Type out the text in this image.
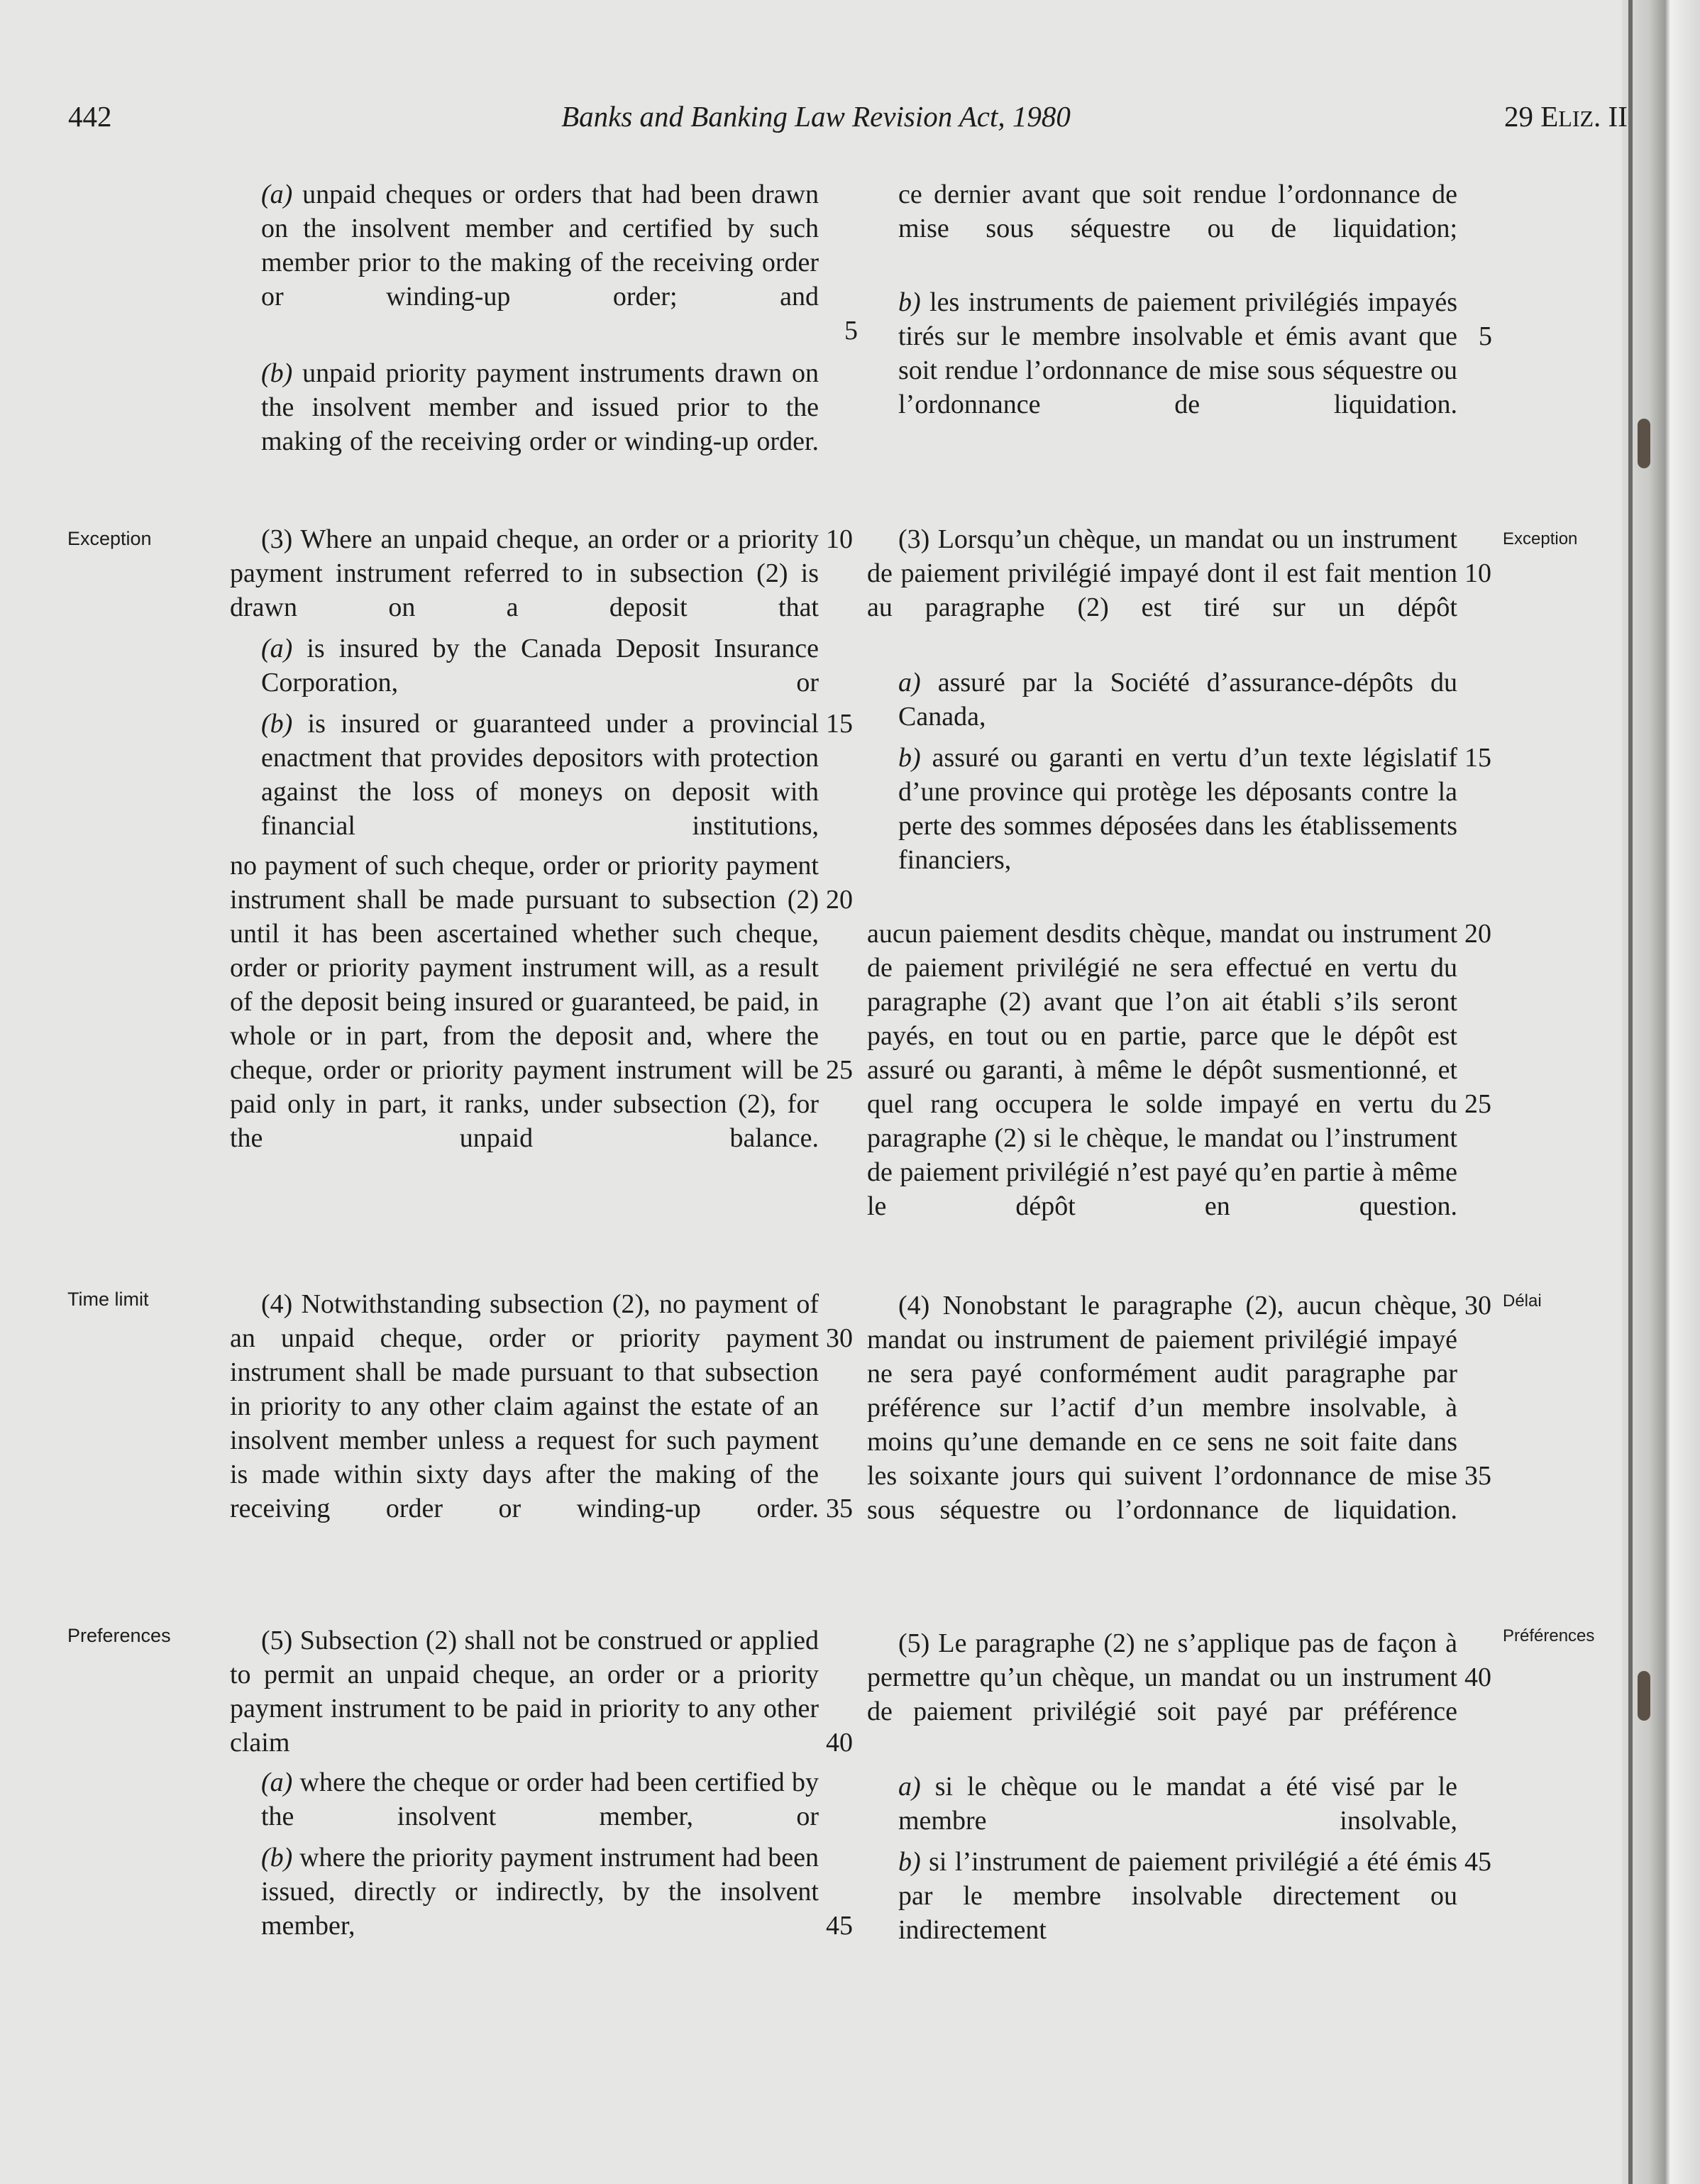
442	Banks and Banking Law Revision Act, 1980	29 ELIZ. II
Exception	Exception
Time limit	Délai
Preferences	Préférences
(a) unpaid cheques or orders that had been drawn on the insolvent member and certified by such member prior to the making of the receiving order or winding-up order; and
(b) unpaid priority payment instruments drawn on the insolvent member and issued prior to the making of the receiving order or winding-up order.
(3) Where an unpaid cheque, an order or a priority payment instrument referred to in subsection (2) is drawn on a deposit that
(a) is insured by the Canada Deposit Insurance Corporation, or
(b) is insured or guaranteed under a provincial enactment that provides depositors with protection against the loss of moneys on deposit with financial institutions,
no payment of such cheque, order or priority payment instrument shall be made pursuant to subsection (2) until it has been ascertained whether such cheque, order or priority payment instrument will, as a result of the deposit being insured or guaranteed, be paid, in whole or in part, from the deposit and, where the cheque, order or priority payment instrument will be paid only in part, it ranks, under subsection (2), for the unpaid balance.
(4) Notwithstanding subsection (2), no payment of an unpaid cheque, order or priority payment instrument shall be made pursuant to that subsection in priority to any other claim against the estate of an insolvent member unless a request for such payment is made within sixty days after the making of the receiving order or winding-up order.
(5) Subsection (2) shall not be construed or applied to permit an unpaid cheque, an order or a priority payment instrument to be paid in priority to any other claim
(a) where the cheque or order had been certified by the insolvent member, or
(b) where the priority payment instrument had been issued, directly or indirectly, by the insolvent member,
ce dernier avant que soit rendue l’ordonnance de mise sous séquestre ou de liquidation;
b) les instruments de paiement privilégiés impayés tirés sur le membre insolvable et émis avant que soit rendue l’ordonnance de mise sous séquestre ou l’ordonnance de liquidation.
(3) Lorsqu’un chèque, un mandat ou un instrument de paiement privilégié impayé dont il est fait mention au paragraphe (2) est tiré sur un dépôt
a) assuré par la Société d’assurance-dépôts du Canada,
b) assuré ou garanti en vertu d’un texte législatif d’une province qui protège les déposants contre la perte des sommes déposées dans les établissements financiers,
aucun paiement desdits chèque, mandat ou instrument de paiement privilégié ne sera effectué en vertu du paragraphe (2) avant que l’on ait établi s’ils seront payés, en tout ou en partie, parce que le dépôt est assuré ou garanti, à même le dépôt susmentionné, et quel rang occupera le solde impayé en vertu du paragraphe (2) si le chèque, le mandat ou l’instrument de paiement privilégié n’est payé qu’en partie à même le dépôt en question.
(4) Nonobstant le paragraphe (2), aucun chèque, mandat ou instrument de paiement privilégié impayé ne sera payé conformément audit paragraphe par préférence sur l’actif d’un membre insolvable, à moins qu’une demande en ce sens ne soit faite dans les soixante jours qui suivent l’ordonnance de mise sous séquestre ou l’ordonnance de liquidation.
(5) Le paragraphe (2) ne s’applique pas de façon à permettre qu’un chèque, un mandat ou un instrument de paiement privilégié soit payé par préférence
a) si le chèque ou le mandat a été visé par le membre insolvable,
b) si l’instrument de paiement privilégié a été émis par le membre insolvable directement ou indirectement
5
10
15
20
25
30
35
40
45
5
10
15
20
25
30
35
40
45
